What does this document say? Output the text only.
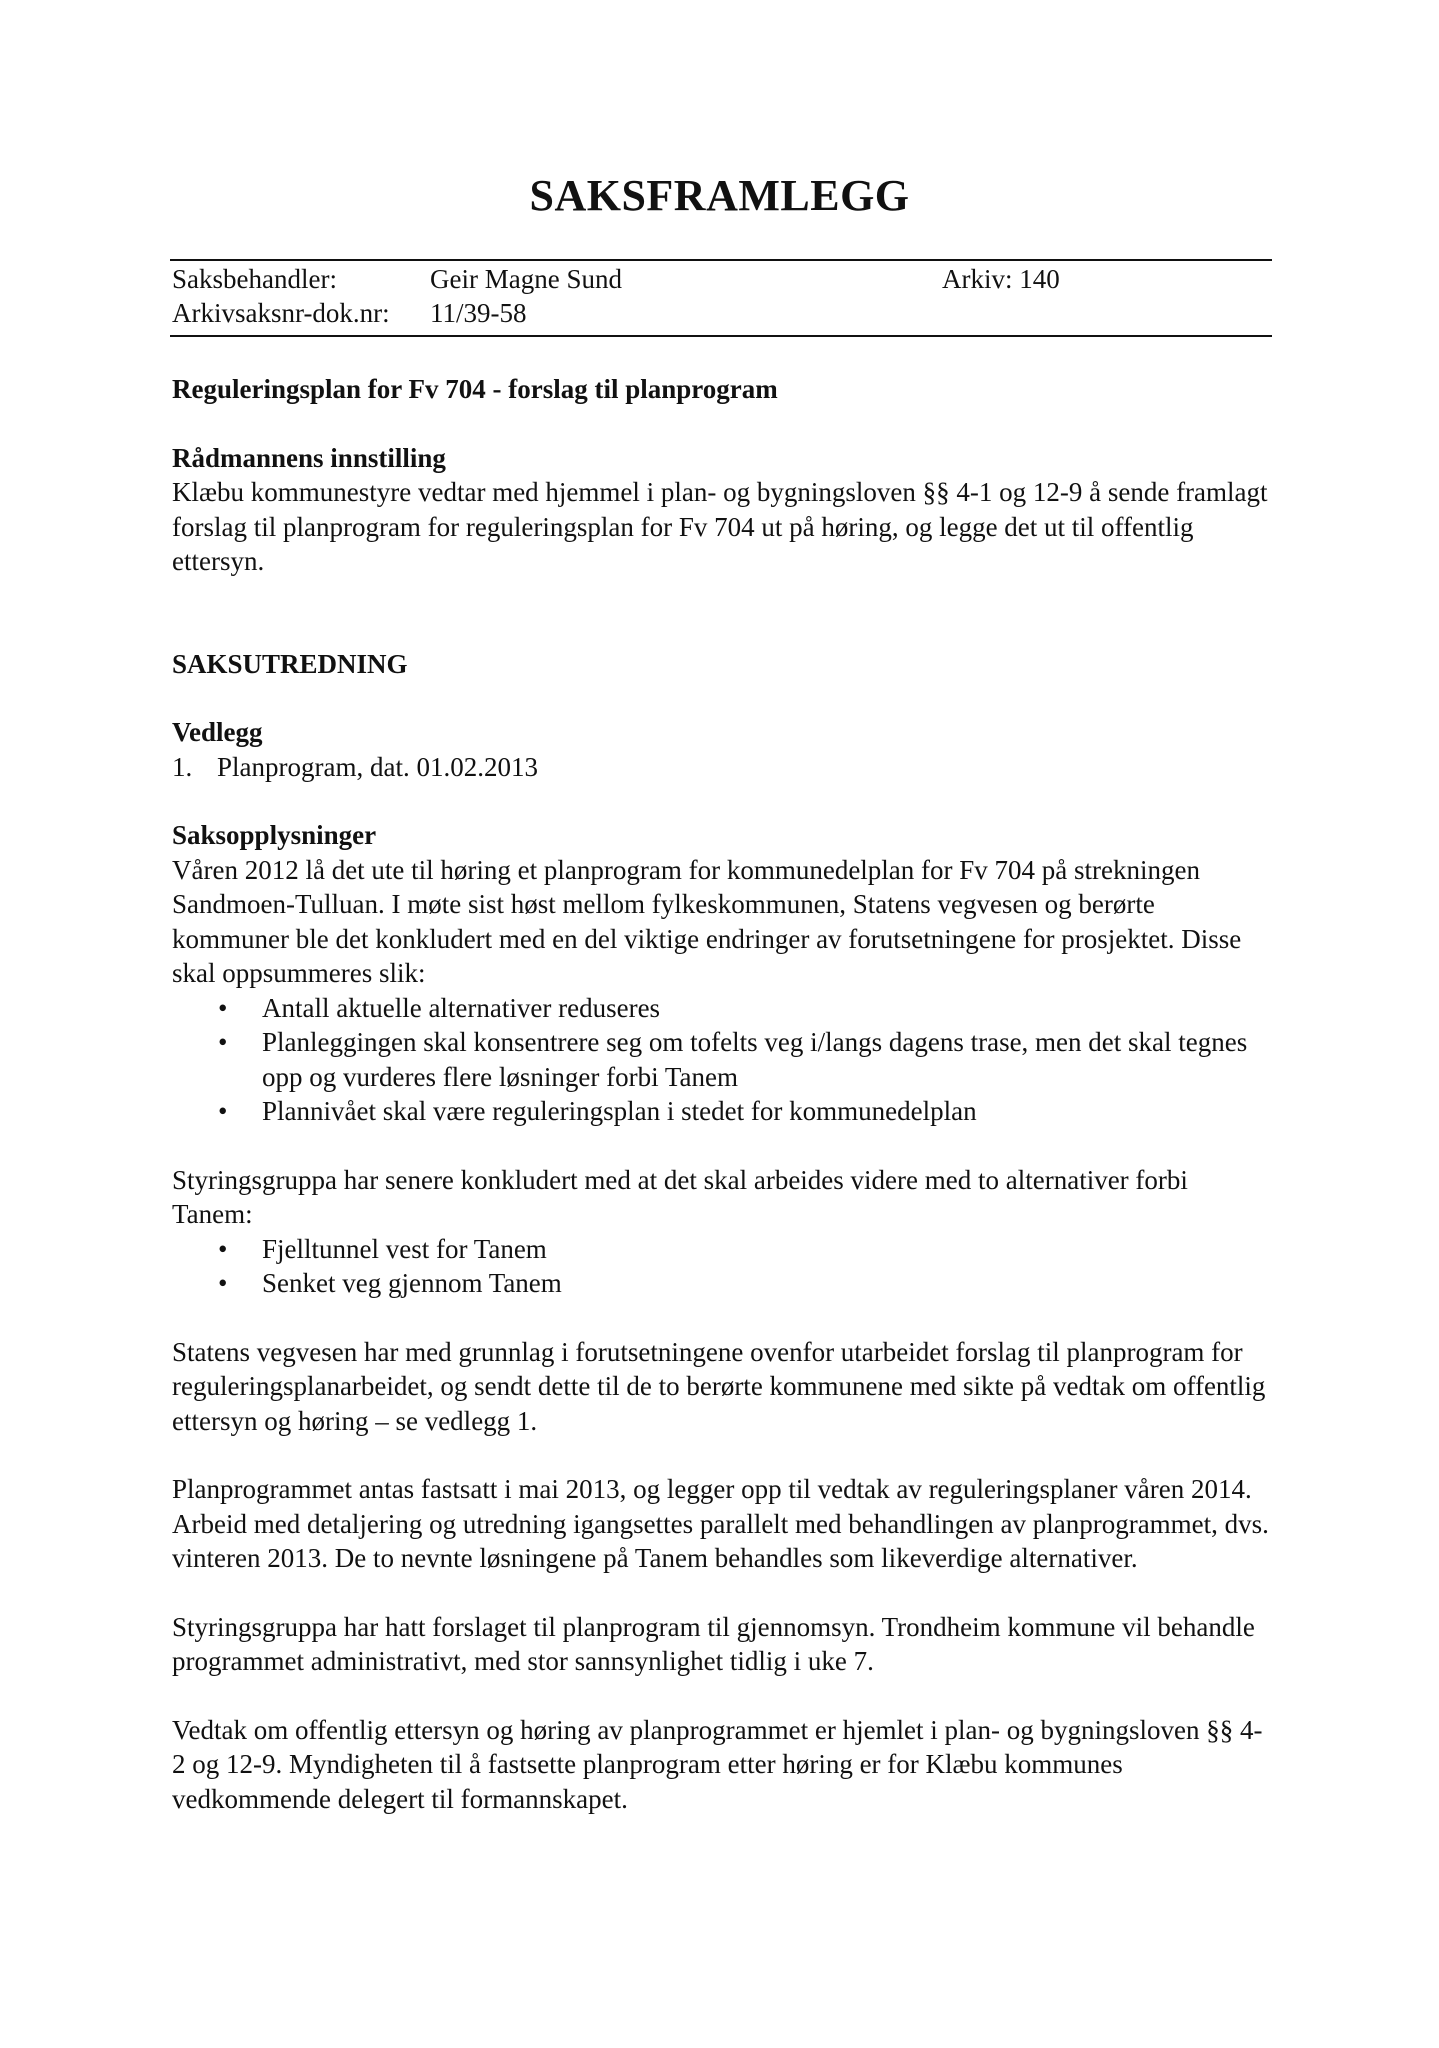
SAKSFRAMLEGG
Saksbehandler:	Geir Magne Sund	Arkiv: 140
Arkivsaksnr-dok.nr: 11/39-58

Reguleringsplan for Fv 704 - forslag til planprogram

Rådmannens innstilling

Klæbu kommunestyre vedtar med hjemmel i plan- og bygningsloven §§ 4-1 og 12-9 å sende framlagt forslag til planprogram for reguleringsplan for Fv 704 ut på høring, og legge det ut til offentlig ettersyn.

SAKSUTREDNING

Vedlegg

1. Planprogram, dat. 01.02.2013

Saksopplysninger

Våren 2012 lå det ute til høring et planprogram for kommunedelplan for Fv 704 på strekningen Sandmoen-Tulluan. I møte sist høst mellom fylkeskommunen, Statens vegvesen og berørte kommuner ble det konkludert med en del viktige endringer av forutsetningene for prosjektet. Disse skal oppsummeres slik:

• Antall aktuelle alternativer reduseres
• Planleggingen skal konsentrere seg om tofelts veg i/langs dagens trase, men det skal tegnes opp og vurderes flere løsninger forbi Tanem
• Plannivået skal være reguleringsplan i stedet for kommunedelplan

Styringsgruppa har senere konkludert med at det skal arbeides videre med to alternativer forbi Tanem:

• Fjelltunnel vest for Tanem
• Senket veg gjennom Tanem

Statens vegvesen har med grunnlag i forutsetningene ovenfor utarbeidet forslag til planprogram for reguleringsplanarbeidet, og sendt dette til de to berørte kommunene med sikte på vedtak om offentlig ettersyn og høring – se vedlegg 1.

Planprogrammet antas fastsatt i mai 2013, og legger opp til vedtak av reguleringsplaner våren 2014. Arbeid med detaljering og utredning igangsettes parallelt med behandlingen av planprogrammet, dvs. vinteren 2013. De to nevnte løsningene på Tanem behandles som likeverdige alternativer.

Styringsgruppa har hatt forslaget til planprogram til gjennomsyn. Trondheim kommune vil behandle programmet administrativt, med stor sannsynlighet tidlig i uke 7.

Vedtak om offentlig ettersyn og høring av planprogrammet er hjemlet i plan- og bygningsloven §§ 4-2 og 12-9. Myndigheten til å fastsette planprogram etter høring er for Klæbu kommunes vedkommende delegert til formannskapet.
